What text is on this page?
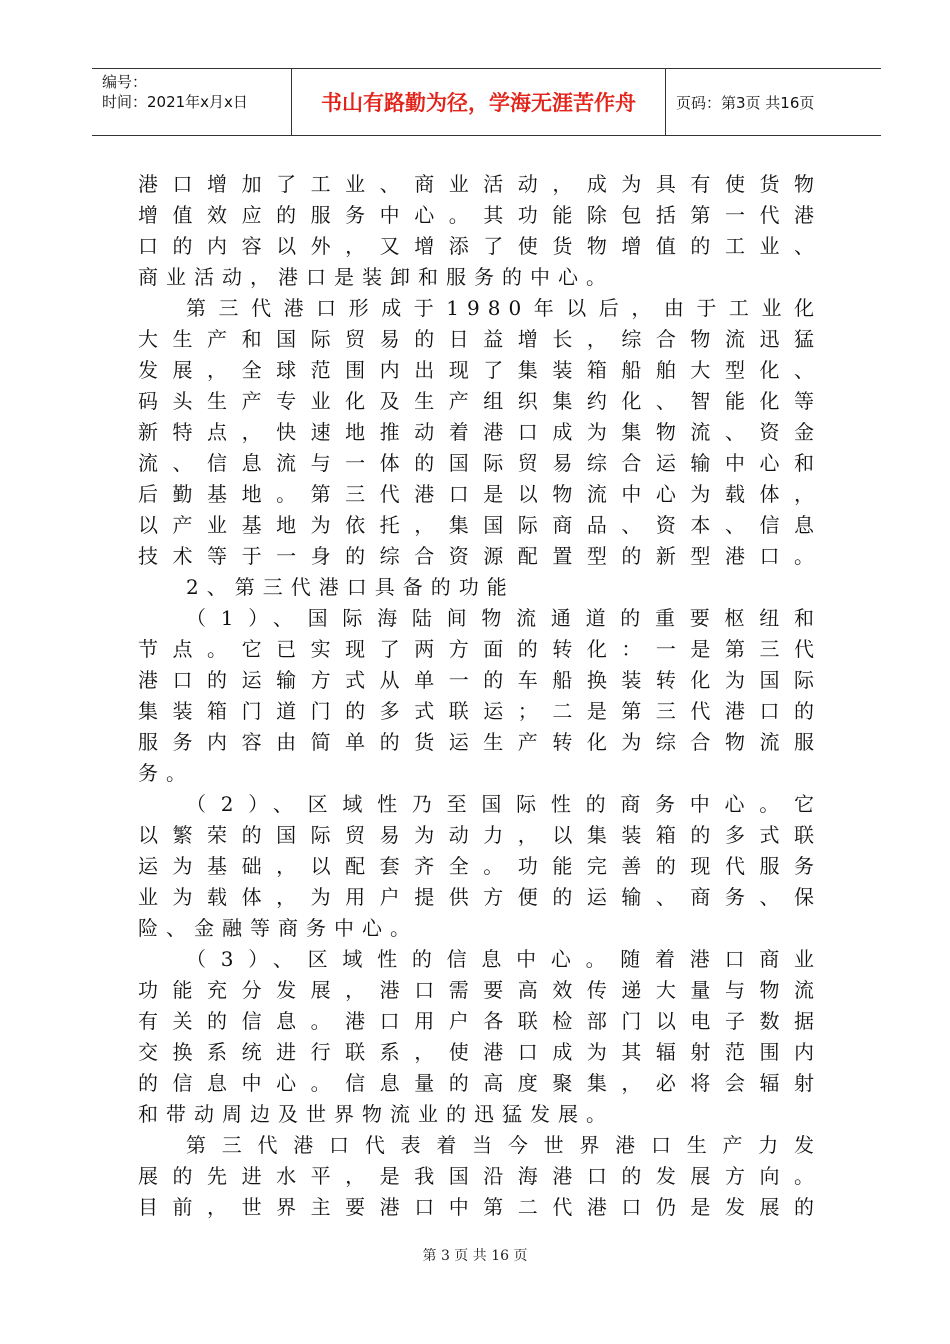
编号：
时间：2021年x月x日	书山有路勤为径，学海无涯苦作舟	页码：第3页 共16页

港口增加了工业、商业活动，成为具有使货物

增值效应的服务中心。其功能除包括第一代港

口的内容以外，又增添了使货物增值的工业、

商业活动，港口是装卸和服务的中心。

第三代港口形成于1980年以后，由于工业化

大生产和国际贸易的日益增长，综合物流迅猛

发展，全球范围内出现了集装箱船舶大型化、

码头生产专业化及生产组织集约化、智能化等

新特点，快速地推动着港口成为集物流、资金

流、信息流与一体的国际贸易综合运输中心和

后勤基地。第三代港口是以物流中心为载体，

以产业基地为依托，集国际商品、资本、信息

技术等于一身的综合资源配置型的新型港口。

2、第三代港口具备的功能

（1）、国际海陆间物流通道的重要枢纽和

节点。它已实现了两方面的转化：一是第三代

港口的运输方式从单一的车船换装转化为国际

集装箱门道门的多式联运；二是第三代港口的

服务内容由简单的货运生产转化为综合物流服

务。

（2）、区域性乃至国际性的商务中心。它

以繁荣的国际贸易为动力，以集装箱的多式联

运为基础，以配套齐全。功能完善的现代服务

业为载体，为用户提供方便的运输、商务、保

险、金融等商务中心。

（3）、区域性的信息中心。随着港口商业

功能充分发展，港口需要高效传递大量与物流

有关的信息。港口用户各联检部门以电子数据

交换系统进行联系，使港口成为其辐射范围内

的信息中心。信息量的高度聚集，必将会辐射

和带动周边及世界物流业的迅猛发展。

第三代港口代表着当今世界港口生产力发

展的先进水平，是我国沿海港口的发展方向。

目前，世界主要港口中第二代港口仍是发展的

第 3 页 共 16 页
